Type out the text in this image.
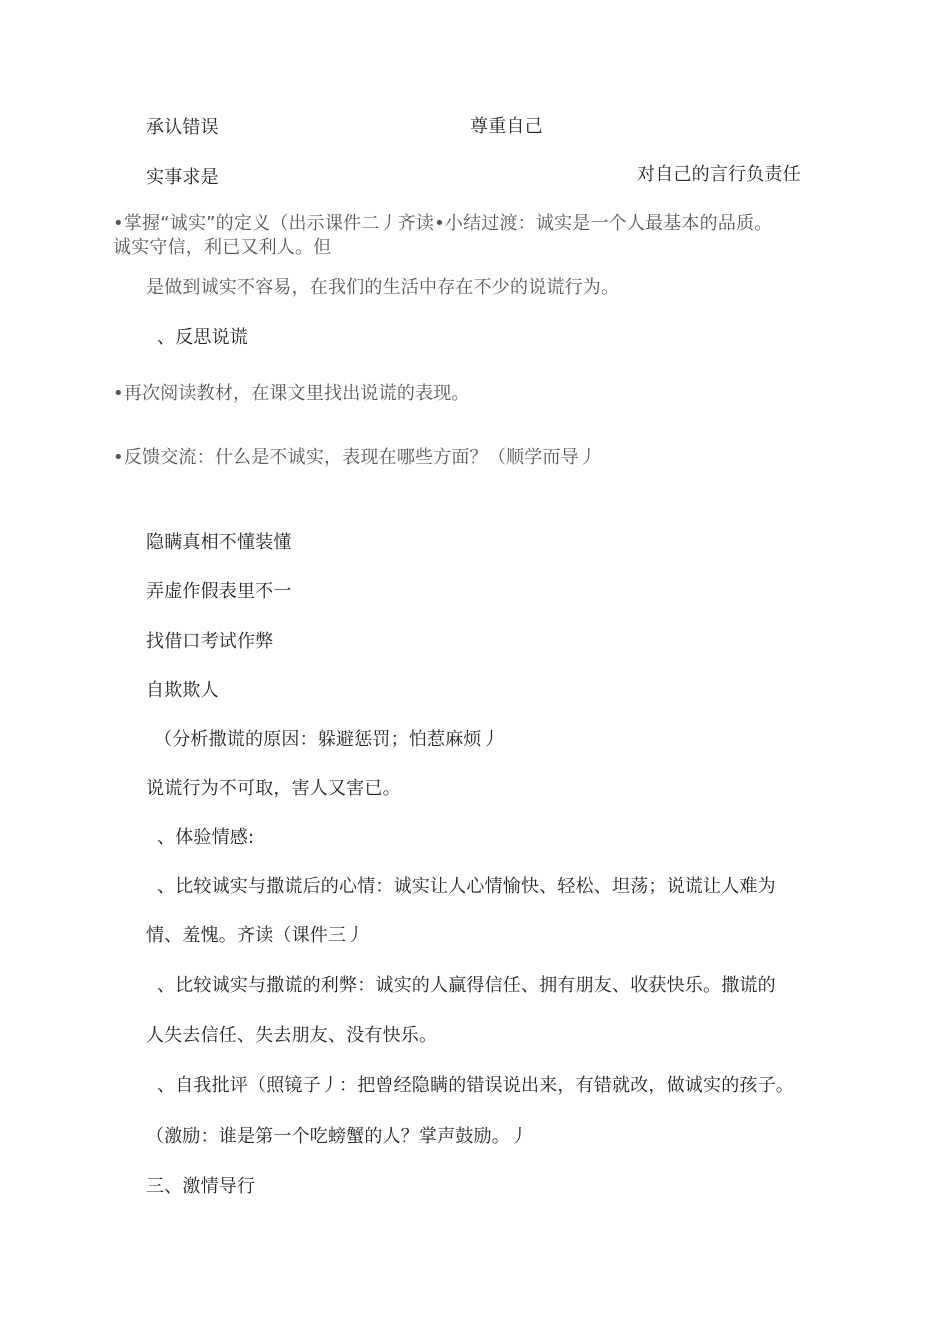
承认错误	尊重自己
实事求是	对自己的言行负责任
•掌握“诚实”的定义（出示课件二丿齐读•小结过渡：诚实是一个人最基本的品质。
诚实守信，利已又利人。但
是做到诚实不容易，在我们的生活中存在不少的说谎行为。
、反思说谎
•再次阅读教材，在课文里找出说谎的表现。
•反馈交流：什么是不诚实，表现在哪些方面？（顺学而导丿
隐瞒真相不懂装懂
弄虚作假表里不一
找借口考试作弊
自欺欺人
（分析撒谎的原因：躲避惩罚；怕惹麻烦丿
说谎行为不可取，害人又害已。
、体验情感:
、比较诚实与撒谎后的心情：诚实让人心情愉快、轻松、坦荡；说谎让人难为
情、羞愧。齐读（课件三丿
、比较诚实与撒谎的利弊：诚实的人赢得信任、拥有朋友、收获快乐。撒谎的
人失去信任、失去朋友、没有快乐。
、自我批评（照镜子丿：把曾经隐瞒的错误说出来，有错就改，做诚实的孩子。
（激励：谁是第一个吃螃蟹的人？掌声鼓励。丿
三、激情导行
